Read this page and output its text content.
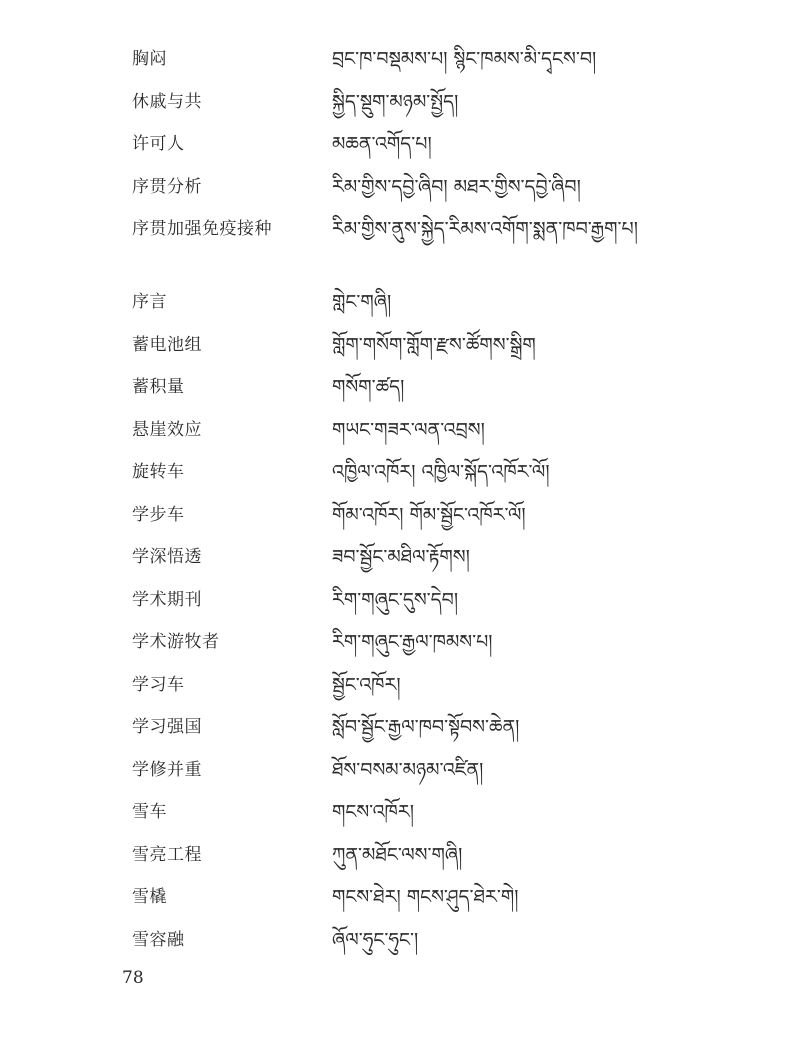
胸闷	བྲང་ཁ་བསྡམས་པ། སྙིང་ཁམས་མི་དྭངས་བ།
休戚与共	སྐྱིད་སྡུག་མཉམ་སྤྱོད།
许可人	མཆན་འགོད་པ།
序贯分析	རིམ་གྱིས་དབྱེ་ཞིབ། མཐར་གྱིས་དབྱེ་ཞིབ།
序贯加强免疫接种	རིམ་གྱིས་ནུས་སྐྱེད་རིམས་འགོག་སྨན་ཁབ་རྒྱག་པ།
序言	གླེང་གཞི།
蓄电池组	གློག་གསོག་གློག་རྫས་ཚོགས་སྒྲིག
蓄积量	གསོག་ཚད།
悬崖效应	གཡང་གཟར་ལན་འབྲས།
旋转车	འཁྱིལ་འཁོར། འཁྱིལ་སྐོད་འཁོར་ལོ།
学步车	གོམ་འཁོར། གོམ་སྦྱོང་འཁོར་ལོ།
学深悟透	ཟབ་སྦྱོང་མཐིལ་རྟོགས།
学术期刊	རིག་གཞུང་དུས་དེབ།
学术游牧者	རིག་གཞུང་རྒྱལ་ཁམས་པ།
学习车	སྦྱོང་འཁོར།
学习强国	སློབ་སྦྱོང་རྒྱལ་ཁབ་སྟོབས་ཆེན།
学修并重	ཐོས་བསམ་མཉམ་འཛིན།
雪车	གངས་འཁོར།
雪亮工程	ཀུན་མཐོང་ལས་གཞི།
雪橇	གངས་ཐེར། གངས་ཤུད་ཐེར་གེ།
雪容融	ཞོལ་ཧུང་ཧུང་།
78
